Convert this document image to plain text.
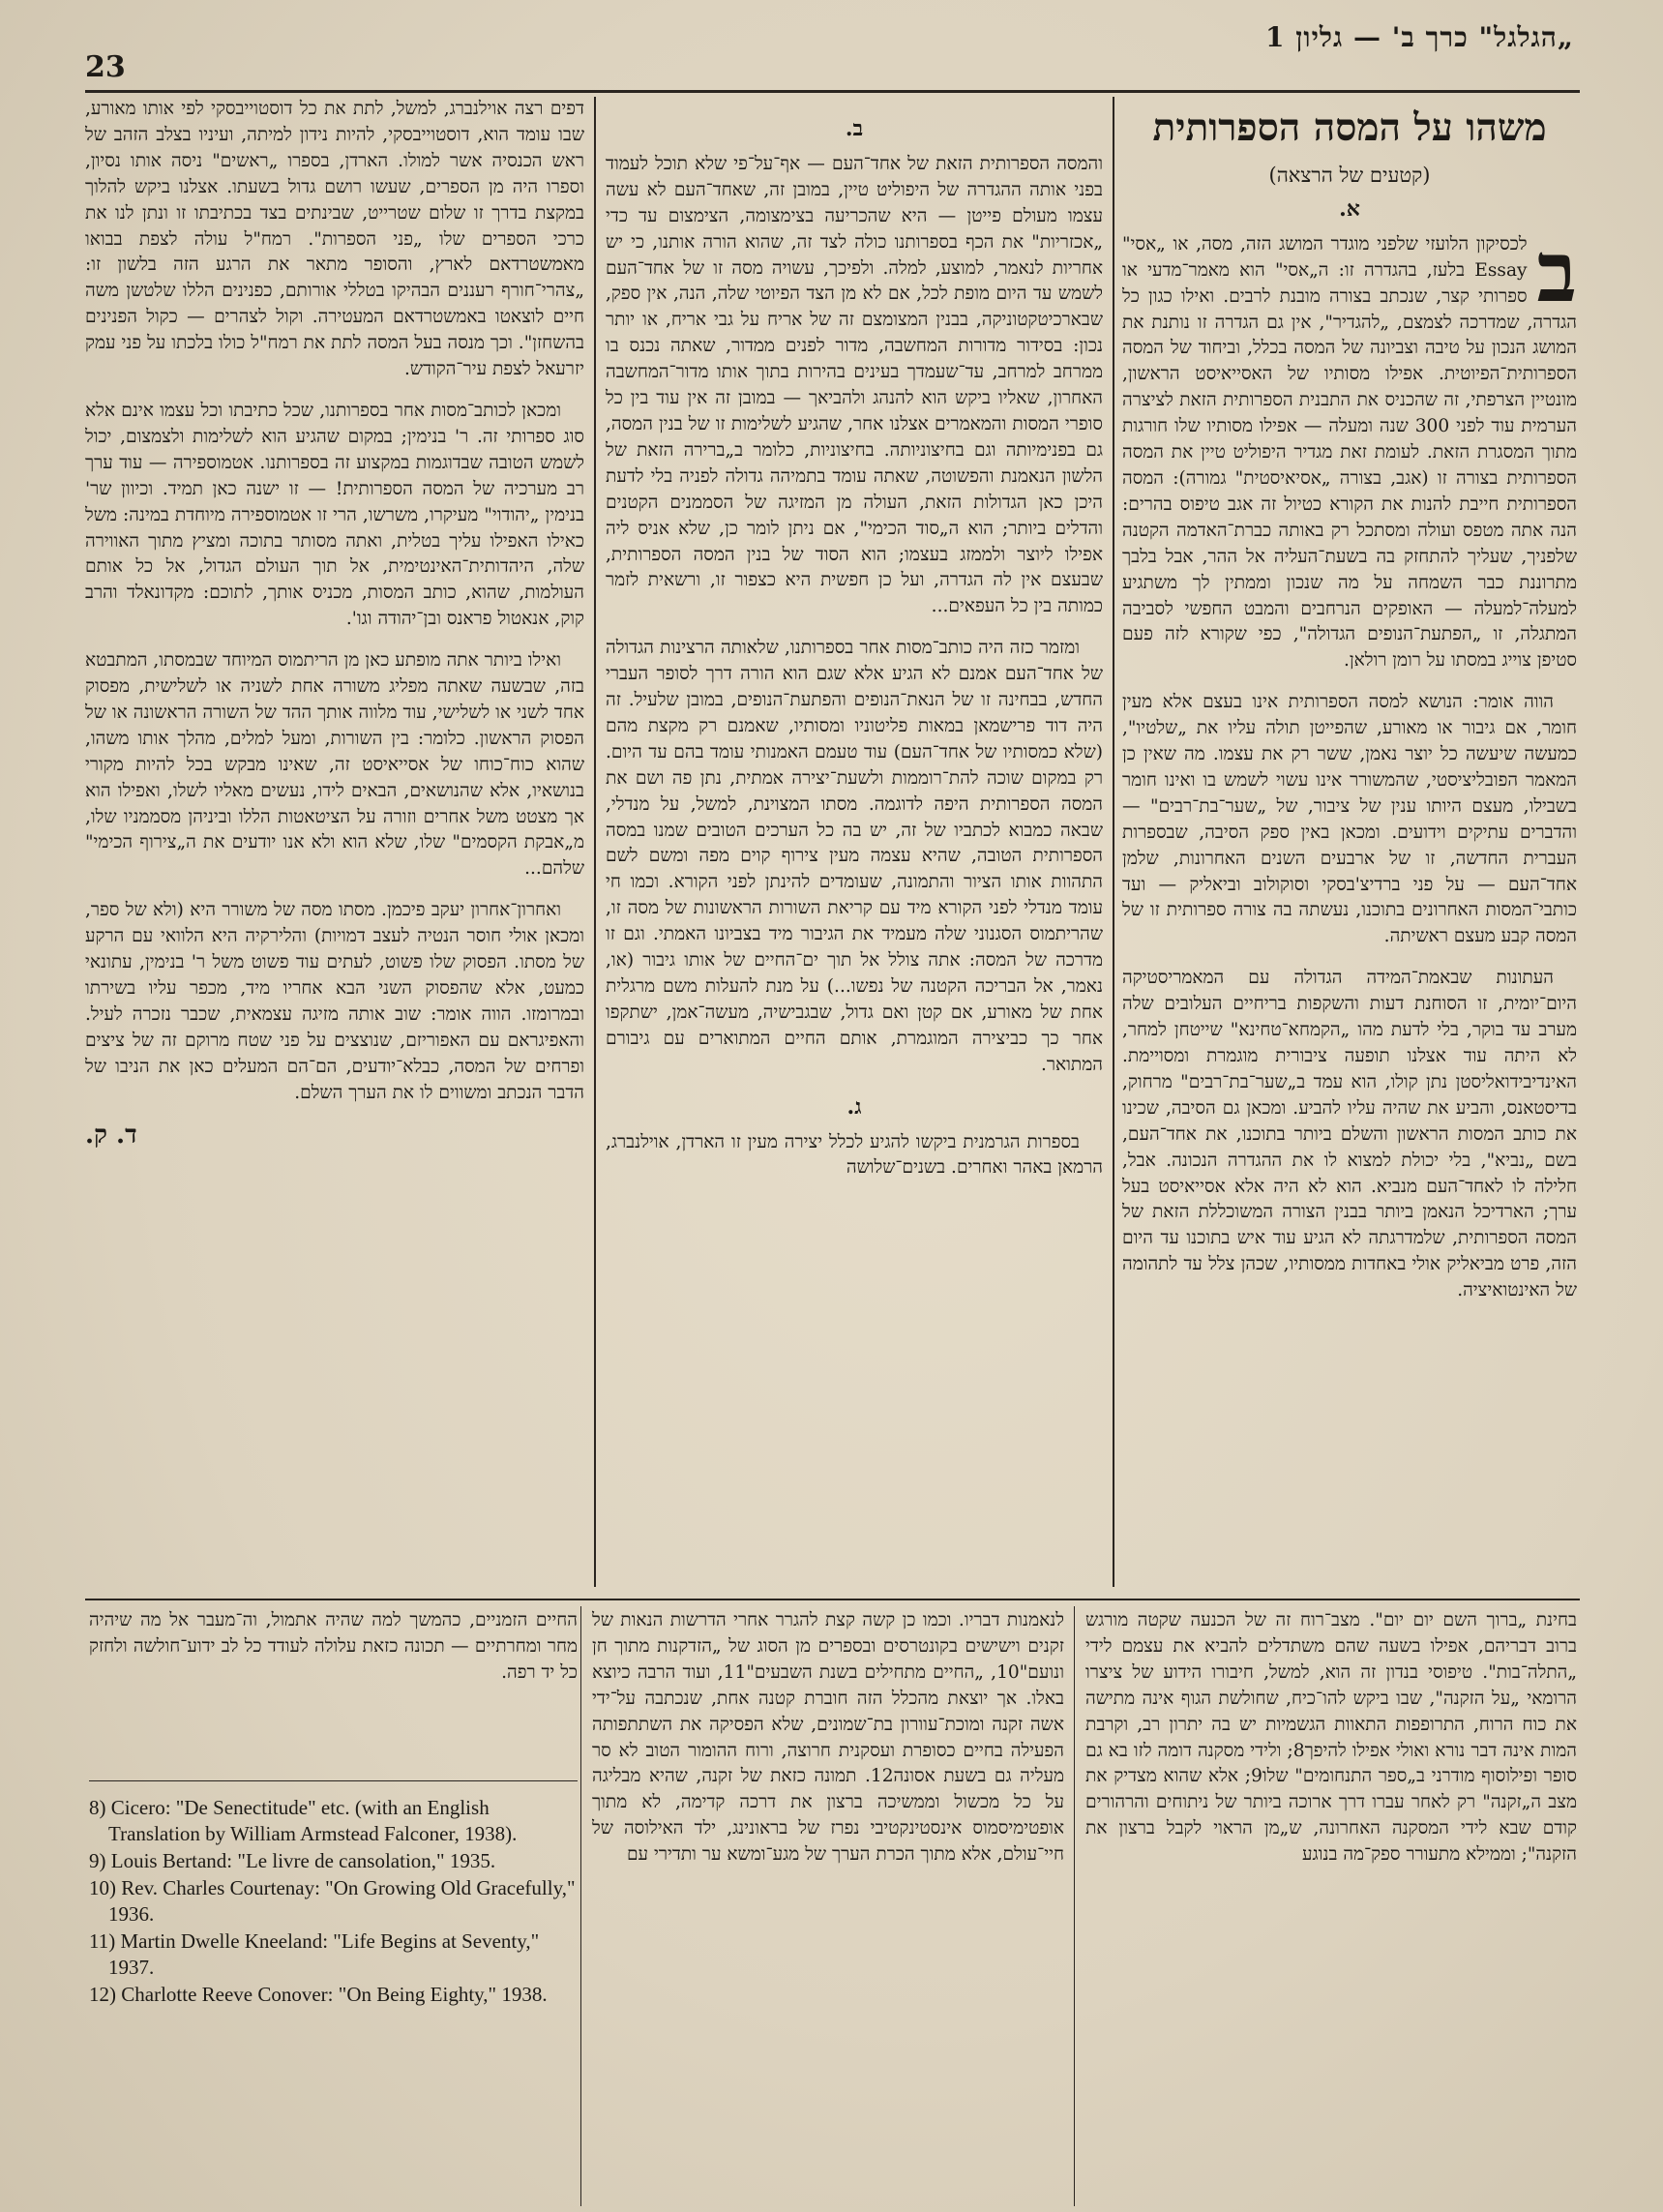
23
„הגלגל" כרך ב' — גליון 1
משהו על המסה הספרותית
(קטעים של הרצאה)
א.
ב

לכסיקון הלועזי שלפני מוגדר המושג הזה, מסה, או „אסי" Essay בלעז, בהגדרה זו: ה„אסי" הוא מאמר־מדעי או ספרותי קצר, שנכתב בצורה מובנת לרבים. ואילו כגון כל הגדרה, שמדרכה לצמצם, „להגדיר", אין גם הגדרה זו נותנת את המושג הנכון על טיבה וצביונה של המסה בכלל, וביחוד של המסה הספרותית־הפיוטית. אפילו מסותיו של האסייאיסט הראשון, מונטיין הצרפתי, זה שהכניס את התבנית הספרותית הזאת לציצרה הערמית עוד לפני 300 שנה ומעלה — אפילו מסותיו שלו חורגות מתוך המסגרת הזאת. לעומת זאת מגדיר היפוליט טיין את המסה הספרותית בצורה זו (אגב, בצורה „אסיאיסטית" גמורה): המסה הספרותית חייבת להנות את הקורא כטיול זה אגב טיפוס בהרים: הנה אתה מטפס ועולה ומסתכל רק באותה כברת־האדמה הקטנה שלפניך, שעליך להתחזק בה בשעת־העליה אל ההר, אבל בלבך מתרוננת כבר השמחה על מה שנכון וממתין לך משתגיע למעלה־למעלה — האופקים הנרחבים והמבט החפשי לסביבה המתגלה, זו „הפתעת־הנופים הגדולה", כפי שקורא לזה פעם סטיפן צוייג במסתו על רומן רולאן.

הווה אומר: הנושא למסה הספרותית אינו בעצם אלא מעין חומר, אם גיבור או מאורע, שהפייטן תולה עליו את „שלטיו", כמעשה שיעשה כל יוצר נאמן, ששר רק את עצמו. מה שאין כן המאמר הפובליציסטי, שהמשורר אינו עשוי לשמש בו ואינו חומר בשבילו, מעצם היותו ענין של ציבור, של „שער־בת־רבים" — והדברים עתיקים וידועים. ומכאן באין ספק הסיבה, שבספרות העברית החדשה, זו של ארבעים השנים האחרונות, שלמן אחד־העם — על פני ברדיצ'בסקי וסוקולוב וביאליק — ועד כותבי־המסות האחרונים בתוכנו, נעשתה בה צורה ספרותית זו של המסה קבע מעצם ראשיתה.

העתונות שבאמת־המידה הגדולה עם המאמריסטיקה היום־יומית, זו הסוחנת דעות והשקפות בריחיים העלובים שלה מערב עד בוקר, בלי לדעת מהו „הקמחא־טחינא" שייטחן למחר, לא היתה עוד אצלנו תופעה ציבורית מוגמרת ומסויימת. האינדיבידואליסטן נתן קולו, הוא עמד ב„שער־בת־רבים" מרחוק, בדיסטאנס, והביע את שהיה עליו להביע. ומכאן גם הסיבה, שכינו את כותב המסות הראשון והשלם ביותר בתוכנו, את אחד־העם, בשם „נביא", בלי יכולת למצוא לו את ההגדרה הנכונה. אבל, חלילה לו לאחד־העם מנביא. הוא לא היה אלא אסייאיסט בעל ערך; הארדיכל הנאמן ביותר בבנין הצורה המשוכללת הזאת של המסה הספרותית, שלמדרגתה לא הגיע עוד איש בתוכנו עד היום הזה, פרט מביאליק אולי באחדות ממסותיו, שכהן צלל עד לתהומה של האינטואיציה.

ב.

והמסה הספרותית הזאת של אחד־העם — אף־על־פי שלא תוכל לעמוד בפני אותה ההגדרה של היפוליט טיין, במובן זה, שאחד־העם לא עשה עצמו מעולם פייטן — היא שהכריעה בצימצומה, הצימצום עד כדי „אכזריות" את הכף בספרותנו כולה לצד זה, שהוא הורה אותנו, כי יש אחריות לנאמר, למוצע, למלה. ולפיכך, עשויה מסה זו של אחד־העם לשמש עד היום מופת לכל, אם לא מן הצד הפיוטי שלה, הנה, אין ספק, שבארכיטקטוניקה, בבנין המצומצם זה של אריח על גבי אריח, או יותר נכון: בסידור מדורות המחשבה, מדור לפנים ממדור, שאתה נכנס בו ממרחב למרחב, עד־שעמדך בעינים בהירות בתוך אותו מדור־המחשבה האחרון, שאליו ביקש הוא להנהג ולהביאך — במובן זה אין עוד בין כל סופרי המסות והמאמרים אצלנו אחר, שהגיע לשלימות זו של בנין המסה, גם בפנימיותה וגם בחיצוניותה. בחיצוניות, כלומר ב„ברירה הזאת של הלשון הנאמנת והפשוטה, שאתה עומד בתמיהה גדולה לפניה בלי לדעת היכן כאן הגדולות הזאת, העולה מן המזיגה של הסממנים הקטנים והדלים ביותר; הוא ה„סוד הכימי", אם ניתן לומר כן, שלא אניס ליה אפילו ליוצר ולממזג בעצמו; הוא הסוד של בנין המסה הספרותית, שבעצם אין לה הגדרה, ועל כן חפשית היא כצפור זו, ורשאית לזמר כמותה בין כל העפאים...

ומזמר כזה היה כותב־מסות אחר בספרותנו, שלאותה הרצינות הגדולה של אחד־העם אמנם לא הגיע אלא שגם הוא הורה דרך לסופר העברי החדש, בבחינה זו של הנאת־הנופים והפתעת־הנופים, במובן שלעיל. זה היה דוד פרישמאן במאות פליטוניו ומסותיו, שאמנם רק מקצת מהם (שלא כמסותיו של אחד־העם) עוד טעמם האמנותי עומד בהם עד היום. רק במקום שוכה להת־רוממות ולשעת־יצירה אמתית, נתן פה ושם את המסה הספרותית היפה לדוגמה. מסתו המצוינת, למשל, על מנדלי, שבאה כמבוא לכתביו של זה, יש בה כל הערכים הטובים שמנו במסה הספרותית הטובה, שהיא עצמה מעין צירוף קוים מפה ומשם לשם התהוות אותו הציור והתמונה, שעומדים להינתן לפני הקורא. וכמו חי עומד מנדלי לפני הקורא מיד עם קריאת השורות הראשונות של מסה זו, שהריתמוס הסגנוני שלה מעמיד את הגיבור מיד בצביונו האמתי. וגם זו מדרכה של המסה: אתה צולל אל תוך ים־החיים של אותו גיבור (או, נאמר, אל הבריכה הקטנה של נפשו...) על מנת להעלות משם מרגלית אחת של מאורע, אם קטן ואם גדול, שבגבישיה, מעשה־אמן, ישתקפו אחר כך כביצירה המוגמרת, אותם החיים המתוארים עם גיבורם המתואר.

ג.

בספרות הגרמנית ביקשו להגיע לכלל יצירה מעין זו הארדן, אוילנברג, הרמאן באהר ואחרים. בשנים־שלושה

דפים רצה אוילנברג, למשל, לתת את כל דוסטוייבסקי לפי אותו מאורע, שבו עומד הוא, דוסטוייבסקי, להיות נידון למיתה, ועיניו בצלב הזהב של ראש הכנסיה אשר למולו. הארדן, בספרו „ראשים" ניסה אותו נסיון, וספרו היה מן הספרים, שעשו רושם גדול בשעתו. אצלנו ביקש להלוך במקצת בדרך זו שלום שטרייט, שבינתים בצד בכתיבתו זו ונתן לנו את כרכי הספרים שלו „פני הספרות". רמח"ל עולה לצפת בבואו מאמשטרדאם לארץ, והסופר מתאר את הרגע הזה בלשון זו: „צהרי־חורף רעננים הבהיקו בטללי אורותם, כפנינים הללו שלטשן משה חיים לוצאטו באמשטרדאם המעטירה. וקול לצהרים — כקול הפנינים בהשחזן". וכך מנסה בעל המסה לתת את רמח"ל כולו בלכתו על פני עמק יזרעאל לצפת עיר־הקודש.

ומכאן לכותב־מסות אחר בספרותנו, שכל כתיבתו וכל עצמו אינם אלא סוג ספרותי זה. ר' בנימין; במקום שהגיע הוא לשלימות ולצמצום, יכול לשמש הטובה שבדוגמות במקצוע זה בספרותנו. אטמוספירה — עוד ערך רב מערכיה של המסה הספרותית! — זו ישנה כאן תמיד. וכיוון שר' בנימין „יהודוי" מעיקרו, משרשו, הרי זו אטמוספירה מיוחדת במינה: משל כאילו האפילו עליך בטלית, ואתה מסותר בתוכה ומציץ מתוך האווירה שלה, היהדותית־האינטימית, אל תוך העולם הגדול, אל כל אותם העולמות, שהוא, כותב המסות, מכניס אותך, לתוכם: מקדונאלד והרב קוק, אנאטול פראנס ובן־יהודה וגו'.

ואילו ביותר אתה מופתע כאן מן הריתמוס המיוחד שבמסתו, המתבטא בזה, שבשעה שאתה מפליג משורה אחת לשניה או לשלישית, מפסוק אחד לשני או לשלישי, עוד מלווה אותך ההד של השורה הראשונה או של הפסוק הראשון. כלומר: בין השורות, ומעל למלים, מהלך אותו משהו, שהוא כוח־כוחו של אסייאיסט זה, שאינו מבקש בכל להיות מקורי בנושאיו, אלא שהנושאים, הבאים לידו, נעשים מאליו לשלו, ואפילו הוא אך מצטט משל אחרים וזורה על הציטאטות הללו וביניהן מסממניו שלו, מ„אבקת הקסמים" שלו, שלא הוא ולא אנו יודעים את ה„צירוף הכימי" שלהם...

ואחרון־אחרון יעקב פיכמן. מסתו מסה של משורר היא (ולא של ספר, ומכאן אולי חוסר הנטיה לעצב דמויות) והלירקיה היא הלוואי עם הרקע של מסתו. הפסוק שלו פשוט, לעתים עוד פשוט משל ר' בנימין, עתונאי כמעט, אלא שהפסוק השני הבא אחריו מיד, מכפר עליו בשירתו ובמרומזו. הווה אומר: שוב אותה מזיגה עצמאית, שכבר נזכרה לעיל. והאפיגראם עם האפוריזם, שנוצצים על פני שטח מרוקם זה של ציצים ופרחים של המסה, כבלא־יודעים, הם־הם המעלים כאן את הניבו של הדבר הנכתב ומשווים לו את הערך השלם.

ד. ק.

בחינת „ברוך השם יום יום". מצב־רוח זה של הכנעה שקטה מורגש ברוב דבריהם, אפילו בשעה שהם משתדלים להביא את עצמם לידי „התלה־בות". טיפוסי בנדון זה הוא, למשל, חיבורו הידוע של ציצרו הרומאי „על הזקנה", שבו ביקש להו־כיח, שחולשת הגוף אינה מתישה את כוח הרוח, התרופפות התאוות הגשמיות יש בה יתרון רב, וקרבת המות אינה דבר נורא ואולי אפילו להיפך8; ולידי מסקנה דומה לזו בא גם סופר ופילוסוף מודרני ב„ספר התנחומים" שלו9; אלא שהוא מצדיק את מצב ה„זקנה" רק לאחר עברו דרך ארוכה ביותר של ניתוחים והרהורים קודם שבא לידי המסקנה האחרונה, ש„מן הראוי לקבל ברצון את הזקנה"; וממילא מתעורר ספק־מה בנוגע

לנאמנות דבריו. וכמו כן קשה קצת להגרר אחרי הדרשות הנאות של זקנים וישישים בקונטרסים ובספרים מן הסוג של „הזדקנות מתוך חן ונועם"10, „החיים מתחילים בשנת השבעים"11, ועוד הרבה כיוצא באלו. אך יוצאת מהכלל הזה חוברת קטנה אחת, שנכתבה על־ידי אשה זקנה ומוכת־עוורון בת־שמונים, שלא הפסיקה את השתתפותה הפעילה בחיים כסופרת ועסקנית חרוצה, ורוח ההומור הטוב לא סר מעליה גם בשעת אסונה12. תמונה כזאת של זקנה, שהיא מבליגה על כל מכשול וממשיכה ברצון את דרכה קדימה, לא מתוך אופטימיסמוס אינסטינקטיבי נפרז של בראונינג, ילד האילוסה של חיי־עולם, אלא מתוך הכרת הערך של מגע־ומשא ער ותדירי עם

החיים הזמניים, כהמשך למה שהיה אתמול, וה־מעבר אל מה שיהיה מחר ומחרתיים — תכונה כזאת עלולה לעודד כל לב ידוע־חולשה ולחזק כל יד רפה.

8) Cicero: "De Senectitude" etc. (with an English Translation by William Armstead Falconer, 1938).
9) Louis Bertand: "Le livre de cansolation," 1935.
10) Rev. Charles Courtenay: "On Growing Old Gracefully," 1936.
11) Martin Dwelle Kneeland: "Life Begins at Seventy," 1937.
12) Charlotte Reeve Conover: "On Being Eighty," 1938.
